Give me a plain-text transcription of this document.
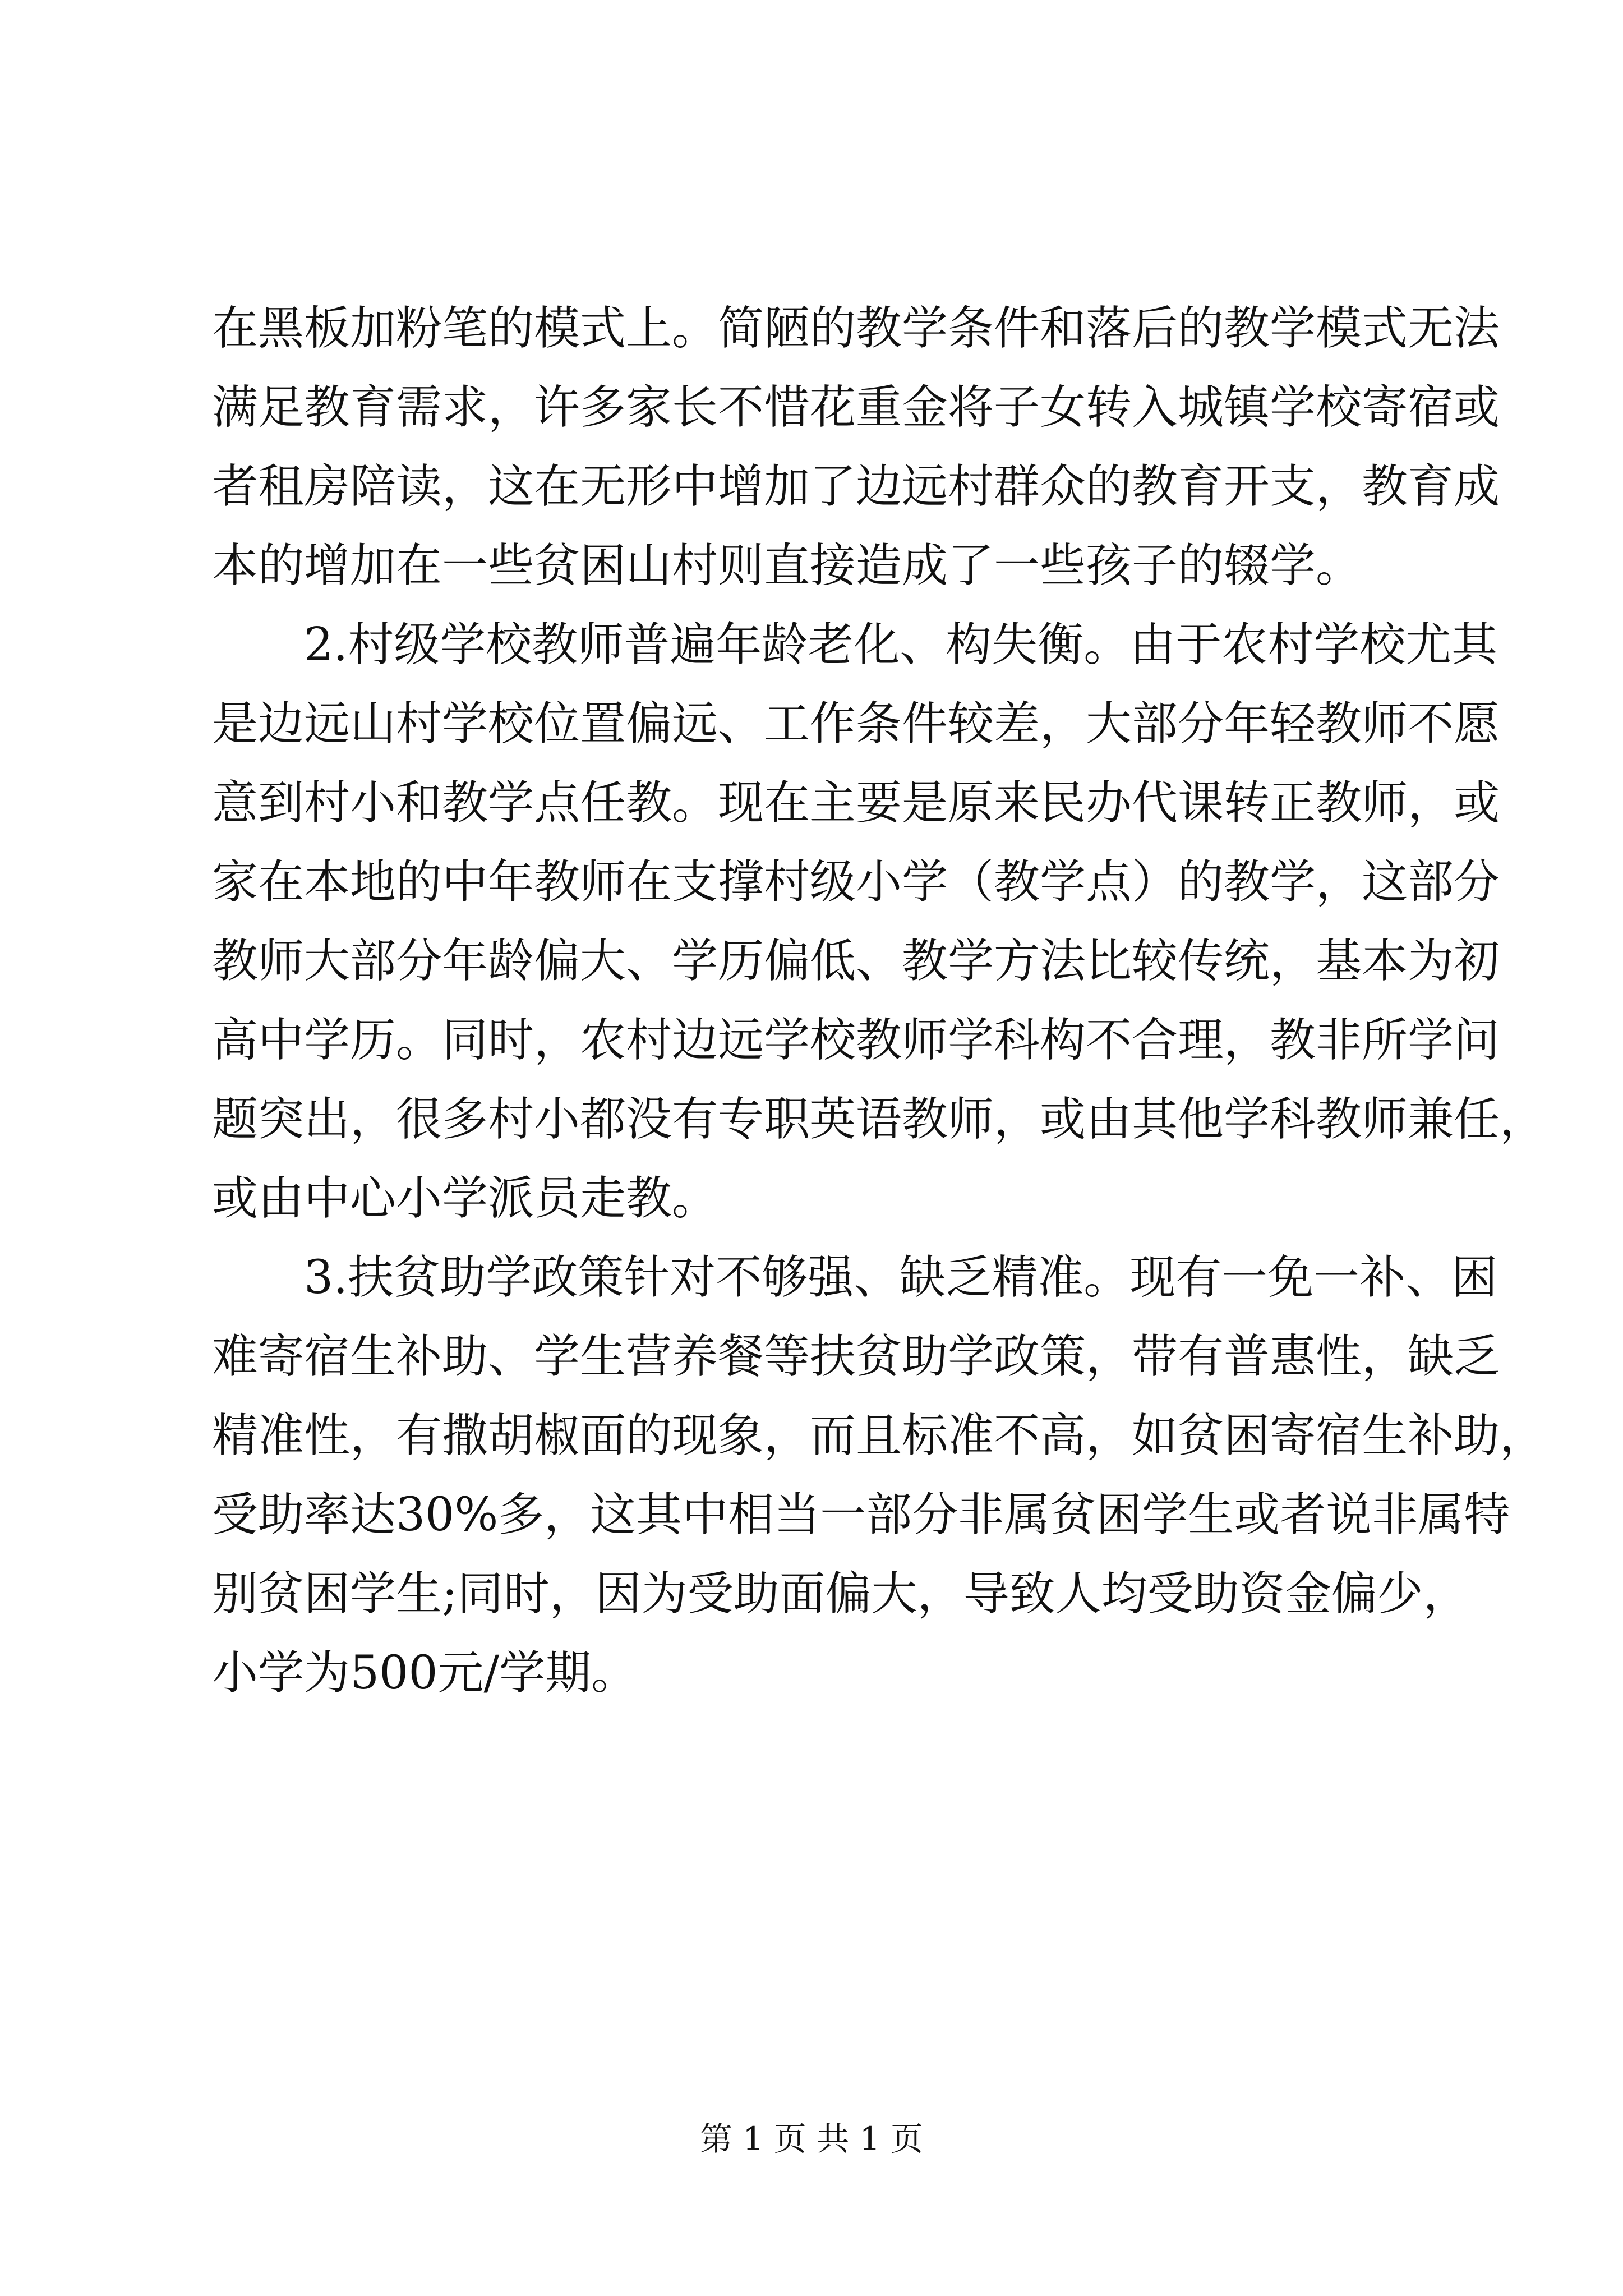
在黑板加粉笔的模式上。简陋的教学条件和落后的教学模式无法
满足教育需求，许多家长不惜花重金将子女转入城镇学校寄宿或
者租房陪读，这在无形中增加了边远村群众的教育开支，教育成
本的增加在一些贫困山村则直接造成了一些孩子的辍学。
　　2.村级学校教师普遍年龄老化、构失衡。由于农村学校尤其
是边远山村学校位置偏远、工作条件较差，大部分年轻教师不愿
意到村小和教学点任教。现在主要是原来民办代课转正教师，或
家在本地的中年教师在支撑村级小学（教学点）的教学，这部分
教师大部分年龄偏大、学历偏低、教学方法比较传统，基本为初
高中学历。同时，农村边远学校教师学科构不合理，教非所学问
题突出，很多村小都没有专职英语教师，或由其他学科教师兼任，
或由中心小学派员走教。
　　3.扶贫助学政策针对不够强、缺乏精准。现有一免一补、困
难寄宿生补助、学生营养餐等扶贫助学政策，带有普惠性，缺乏
精准性，有撒胡椒面的现象，而且标准不高，如贫困寄宿生补助，
受助率达30%多，这其中相当一部分非属贫困学生或者说非属特
别贫困学生;同时，因为受助面偏大，导致人均受助资金偏少，
小学为500元/学期。
第 1 页 共 1 页
